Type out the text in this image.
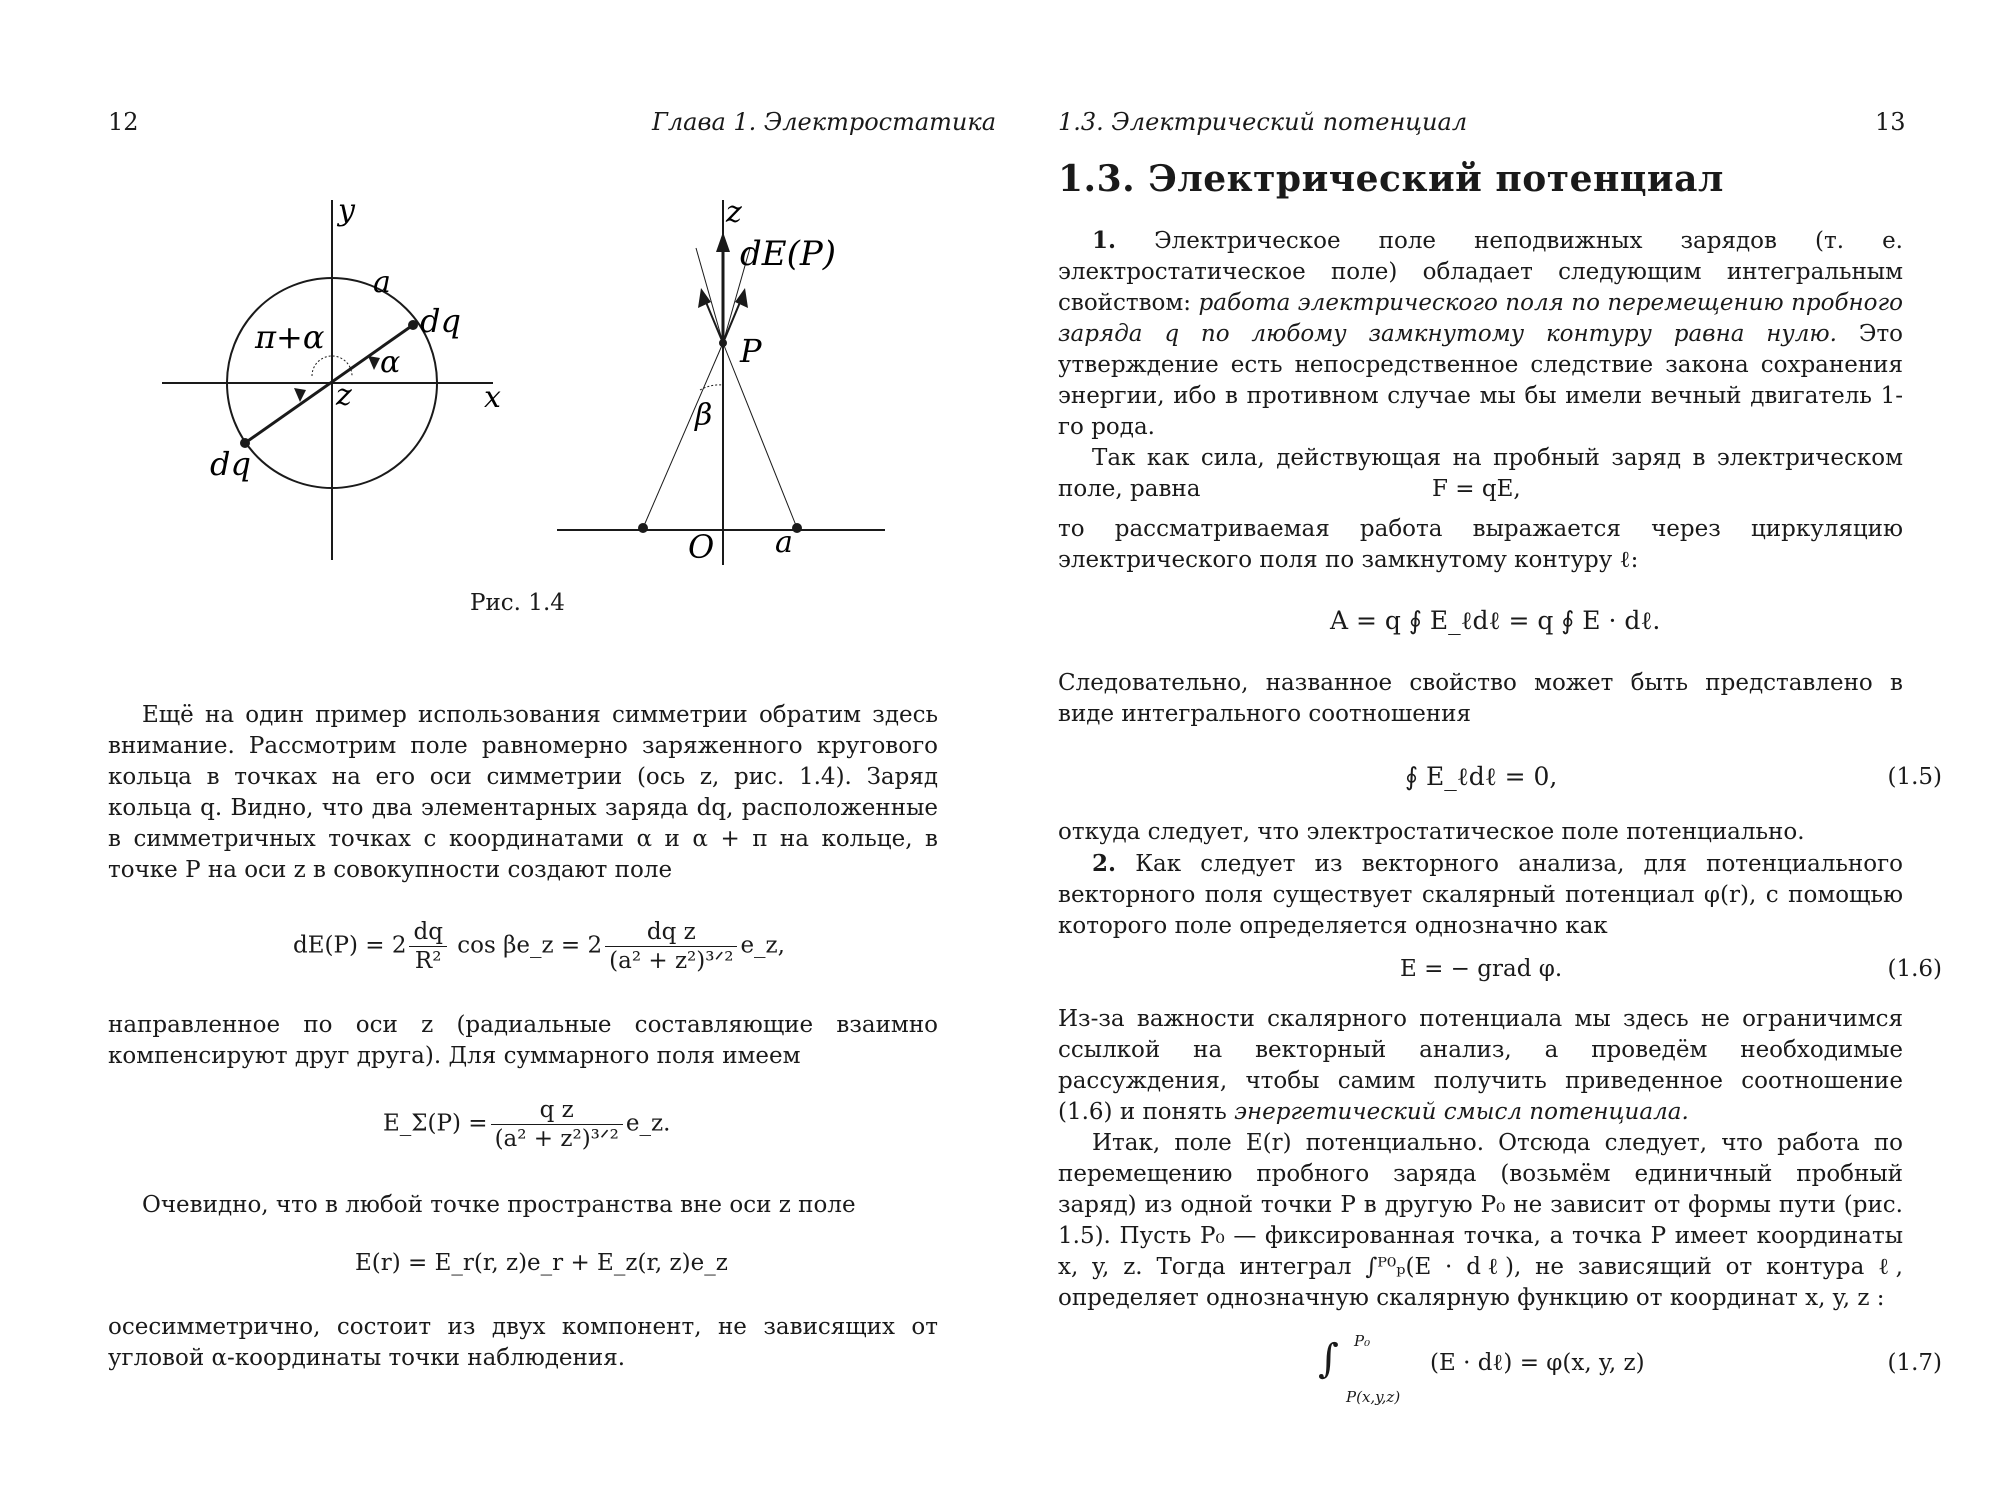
12	Глава 1. Электростатика
y
a
dq
π+α
α
z	x
dq
z
dE(P)
P
β
O a
Рис. 1.4

Ещё на один пример использования симметрии обратим здесь внимание. Рассмотрим поле равномерно заряженного кругового кольца в точках на его оси симметрии (ось z, рис. 1.4). Заряд кольца q. Видно, что два элементарных заряда dq, расположенные в симметричных точках с координатами α и α + π на кольце, в точке P на оси z в совокупности создают поле

$dE(P) = 2 \frac{dq}{\text{R²}}$ cos βe_z = $2 \frac{\text{dq z}}{\text{(a² + z²)³ᐟ²}}$ e_z,

направленное по оси z (радиальные составляющие взаимно компенсируют друг друга). Для суммарного поля имеем

E_Σ(P) = $\frac{\text{q z}}{\text{(a² + z²)³ᐟ²}}$ e_z.

Очевидно, что в любой точке пространства вне оси z поле

E(r) = E_r(r, z)e_r + E_z(r, z)e_z

осесимметрично, состоит из двух компонент, не зависящих от угловой α-координаты точки наблюдения.

1.3. Электрический потенциал	13
1.3. Электрический потенциал

1. Электрическое поле неподвижных зарядов (т. е. электростатическое поле) обладает следующим интегральным свойством: работа электрического поля по перемещению пробного заряда q по любому замкнутому контуру равна нулю. Это утверждение есть непосредственное следствие закона сохранения энергии, ибо в противном случае мы бы имели вечный двигатель 1-го рода.

Так как сила, действующая на пробный заряд в электрическом поле, равна	F = qE,

то рассматриваемая работа выражается через циркуляцию электрического поля по замкнутому контуру ℓ:

A = q ∮ E_ℓdℓ = q ∮ E · dℓ.

Следовательно, названное свойство может быть представлено в виде интегрального соотношения

∮ E_ℓdℓ = 0,	(1.5)

откуда следует, что электростатическое поле потенциально.

2. Как следует из векторного анализа, для потенциального векторного поля существует скалярный потенциал φ(r), с помощью которого поле определяется однозначно как

E = − grad φ.	(1.6)

Из-за важности скалярного потенциала мы здесь не ограничимся ссылкой на векторный анализ, а проведём необходимые рассуждения, чтобы самим получить приведенное соотношение (1.6) и понять энергетический смысл потенциала.

Итак, поле E(r) потенциально. Отсюда следует, что работа по перемещению пробного заряда (возьмём единичный пробный заряд) из одной точки P в другую P₀ не зависит от формы пути (рис. 1.5). Пусть P₀ — фиксированная точка, а точка P имеет координаты x, y, z. Тогда интеграл ∫ᴾ⁰ₚ(E · dℓ), не зависящий от контура ℓ, определяет однозначную скалярную функцию от координат x, y, z :

∫ P₀
P(x,y,z)
(E · dℓ) = φ(x, y, z)	(1.7)
